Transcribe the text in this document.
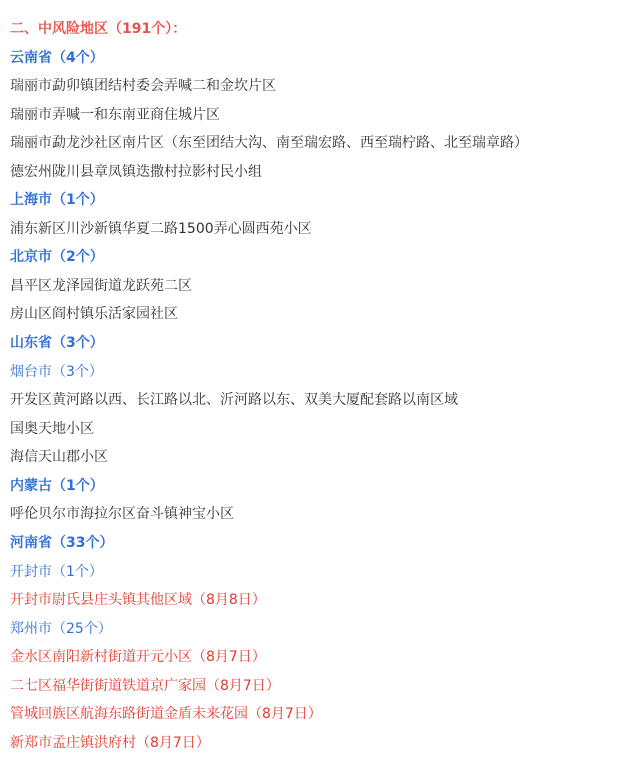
二、中风险地区（191个）：
云南省（4个）
瑞丽市勐卯镇团结村委会弄喊二和金坎片区
瑞丽市弄喊一和东南亚商住城片区
瑞丽市勐龙沙社区南片区（东至团结大沟、南至瑞宏路、西至瑞柠路、北至瑞章路）
德宏州陇川县章凤镇迭撒村拉影村民小组
上海市（1个）
浦东新区川沙新镇华夏二路1500弄心圆西苑小区
北京市（2个）
昌平区龙泽园街道龙跃苑二区
房山区阎村镇乐活家园社区
山东省（3个）
烟台市（3个）
开发区黄河路以西、长江路以北、沂河路以东、双美大厦配套路以南区域
国奥天地小区
海信天山郡小区
内蒙古（1个）
呼伦贝尔市海拉尔区奋斗镇神宝小区
河南省（33个）
开封市（1个）
开封市尉氏县庄头镇其他区域（8月8日）
郑州市（25个）
金水区南阳新村街道开元小区（8月7日）
二七区福华街街道铁道京广家园（8月7日）
管城回族区航海东路街道金盾未来花园（8月7日）
新郑市孟庄镇洪府村（8月7日）
